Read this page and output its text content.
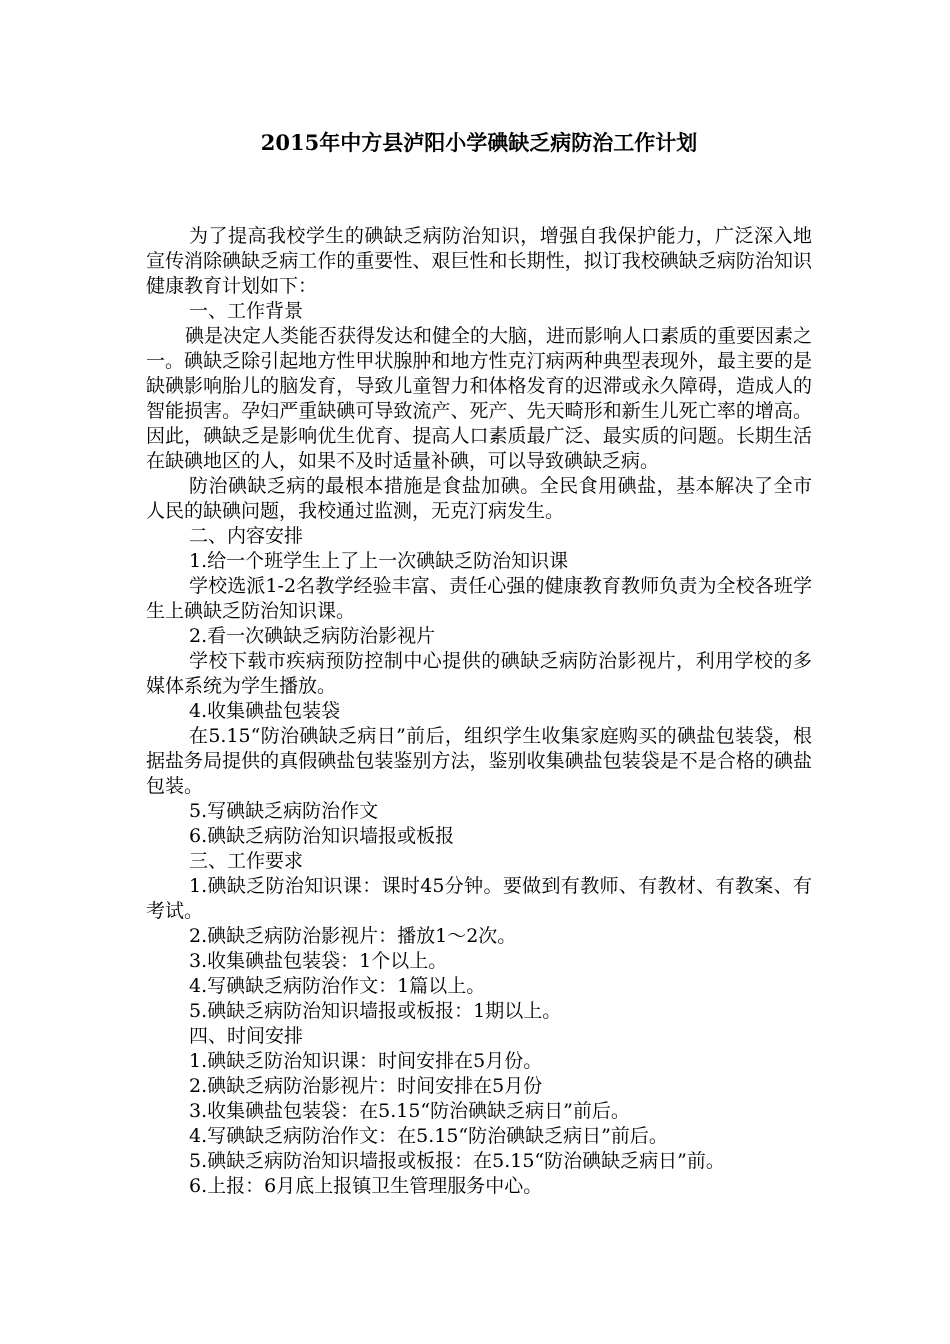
2015年中方县泸阳小学碘缺乏病防治工作计划

为了提高我校学生的碘缺乏病防治知识，增强自我保护能力，广泛深入地宣传消除碘缺乏病工作的重要性、艰巨性和长期性，拟订我校碘缺乏病防治知识健康教育计划如下：

一、工作背景

碘是决定人类能否获得发达和健全的大脑，进而影响人口素质的重要因素之一。碘缺乏除引起地方性甲状腺肿和地方性克汀病两种典型表现外，最主要的是缺碘影响胎儿的脑发育，导致儿童智力和体格发育的迟滞或永久障碍，造成人的智能损害。孕妇严重缺碘可导致流产、死产、先天畸形和新生儿死亡率的增高。因此，碘缺乏是影响优生优育、提高人口素质最广泛、最实质的问题。长期生活在缺碘地区的人，如果不及时适量补碘，可以导致碘缺乏病。

防治碘缺乏病的最根本措施是食盐加碘。全民食用碘盐，基本解决了全市人民的缺碘问题，我校通过监测，无克汀病发生。

二、内容安排

1.给一个班学生上了上一次碘缺乏防治知识课

学校选派1-2名教学经验丰富、责任心强的健康教育教师负责为全校各班学生上碘缺乏防治知识课。

2.看一次碘缺乏病防治影视片

学校下载市疾病预防控制中心提供的碘缺乏病防治影视片，利用学校的多媒体系统为学生播放。

4.收集碘盐包装袋

在5.15“防治碘缺乏病日”前后，组织学生收集家庭购买的碘盐包装袋，根据盐务局提供的真假碘盐包装鉴别方法，鉴别收集碘盐包装袋是不是合格的碘盐包装。

5.写碘缺乏病防治作文

6.碘缺乏病防治知识墙报或板报

三、工作要求

1.碘缺乏防治知识课：课时45分钟。要做到有教师、有教材、有教案、有考试。

2.碘缺乏病防治影视片：播放1～2次。

3.收集碘盐包装袋：1个以上。

4.写碘缺乏病防治作文：1篇以上。

5.碘缺乏病防治知识墙报或板报：1期以上。

四、时间安排

1.碘缺乏防治知识课：时间安排在5月份。

2.碘缺乏病防治影视片：时间安排在5月份

3.收集碘盐包装袋：在5.15“防治碘缺乏病日”前后。

4.写碘缺乏病防治作文：在5.15“防治碘缺乏病日”前后。

5.碘缺乏病防治知识墙报或板报：在5.15“防治碘缺乏病日”前。

6.上报：6月底上报镇卫生管理服务中心。
